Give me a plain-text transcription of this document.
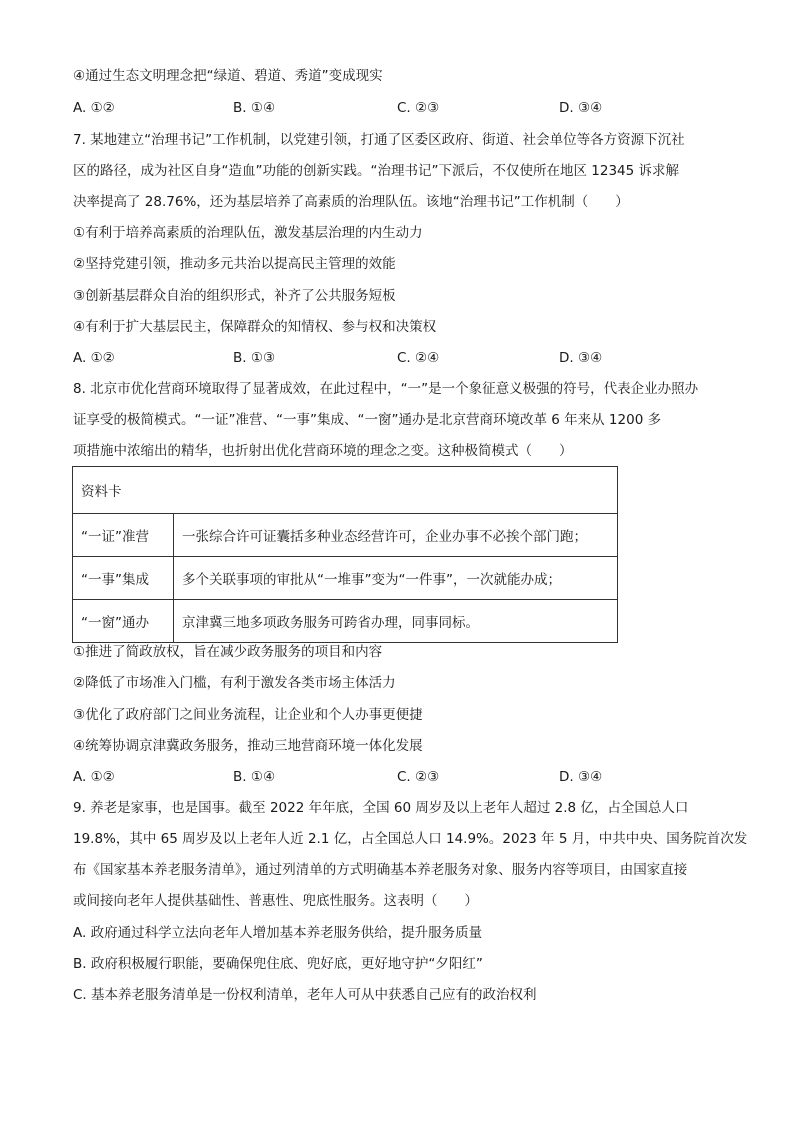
④通过生态文明理念把“绿道、碧道、秀道”变成现实
A. ①②	B. ①④	C. ②③	D. ③④
7. 某地建立“治理书记”工作机制，以党建引领，打通了区委区政府、街道、社会单位等各方资源下沉社
区的路径，成为社区自身“造血”功能的创新实践。“治理书记”下派后，不仅使所在地区 12345 诉求解
决率提高了 28.76%，还为基层培养了高素质的治理队伍。该地“治理书记”工作机制（　　）
①有利于培养高素质的治理队伍，激发基层治理的内生动力
②坚持党建引领，推动多元共治以提高民主管理的效能
③创新基层群众自治的组织形式，补齐了公共服务短板
④有利于扩大基层民主，保障群众的知情权、参与权和决策权
A. ①②	B. ①③	C. ②④	D. ③④
8. 北京市优化营商环境取得了显著成效，在此过程中，“一”是一个象征意义极强的符号，代表企业办照办
证享受的极简模式。“一证”准营、“一事”集成、“一窗”通办是北京营商环境改革 6 年来从 1200 多
项措施中浓缩出的精华，也折射出优化营商环境的理念之变。这种极简模式（　　）
资料卡	
“一证”准营	一张综合许可证囊括多种业态经营许可，企业办事不必挨个部门跑；
“一事”集成	多个关联事项的审批从“一堆事”变为“一件事”，一次就能办成；
“一窗”通办	京津冀三地多项政务服务可跨省办理，同事同标。
①推进了简政放权，旨在减少政务服务的项目和内容
②降低了市场准入门槛，有利于激发各类市场主体活力
③优化了政府部门之间业务流程，让企业和个人办事更便捷
④统筹协调京津冀政务服务，推动三地营商环境一体化发展
A. ①②	B. ①④	C. ②③	D. ③④
9. 养老是家事，也是国事。截至 2022 年年底，全国 60 周岁及以上老年人超过 2.8 亿，占全国总人口
19.8%，其中 65 周岁及以上老年人近 2.1 亿，占全国总人口 14.9%。2023 年 5 月，中共中央、国务院首次发
布《国家基本养老服务清单》，通过列清单的方式明确基本养老服务对象、服务内容等项目，由国家直接
或间接向老年人提供基础性、普惠性、兜底性服务。这表明（　　）
A. 政府通过科学立法向老年人增加基本养老服务供给，提升服务质量
B. 政府积极履行职能，要确保兜住底、兜好底，更好地守护“夕阳红”
C. 基本养老服务清单是一份权利清单，老年人可从中获悉自己应有的政治权利
